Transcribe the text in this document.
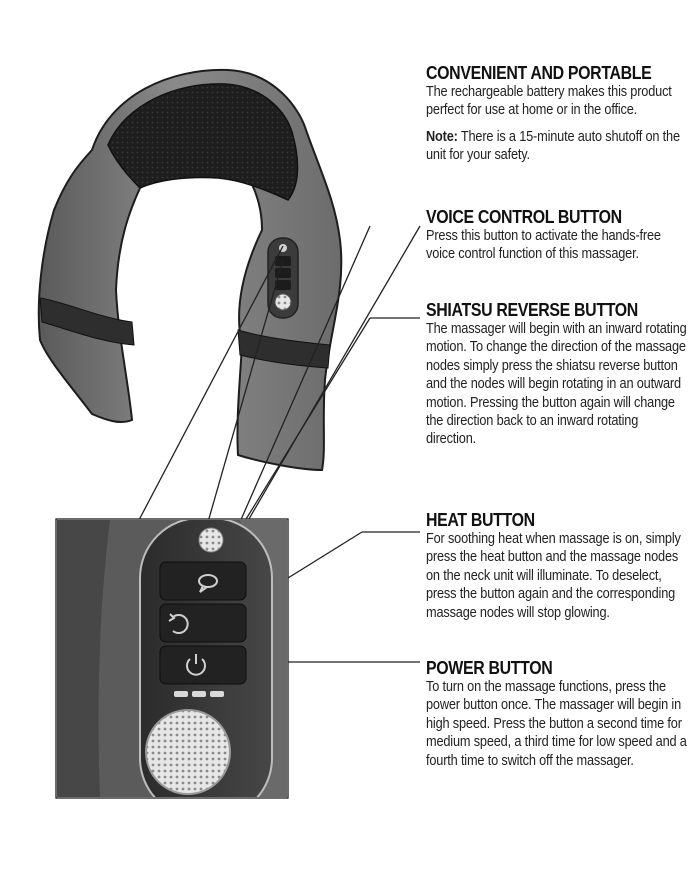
CONVENIENT AND PORTABLE
The rechargeable battery makes this product perfect for use at home or in the office.
Note: There is a 15-minute auto shutoff on the unit for your safety.
VOICE CONTROL BUTTON
Press this button to activate the hands-free voice control function of this massager.
SHIATSU REVERSE BUTTON
The massager will begin with an inward rotating motion. To change the direction of the massage nodes simply press the shiatsu reverse button and the nodes will begin rotating in an outward motion. Pressing the button again will change the direction back to an inward rotating direction.
HEAT BUTTON
For soothing heat when massage is on, simply press the heat button and the massage nodes on the neck unit will illuminate. To deselect, press the button again and the corresponding massage nodes will stop glowing.
POWER BUTTON
To turn on the massage functions, press the power button once. The massager will begin in high speed. Press the button a second time for medium speed, a third time for low speed and a fourth time to switch off the massager.
